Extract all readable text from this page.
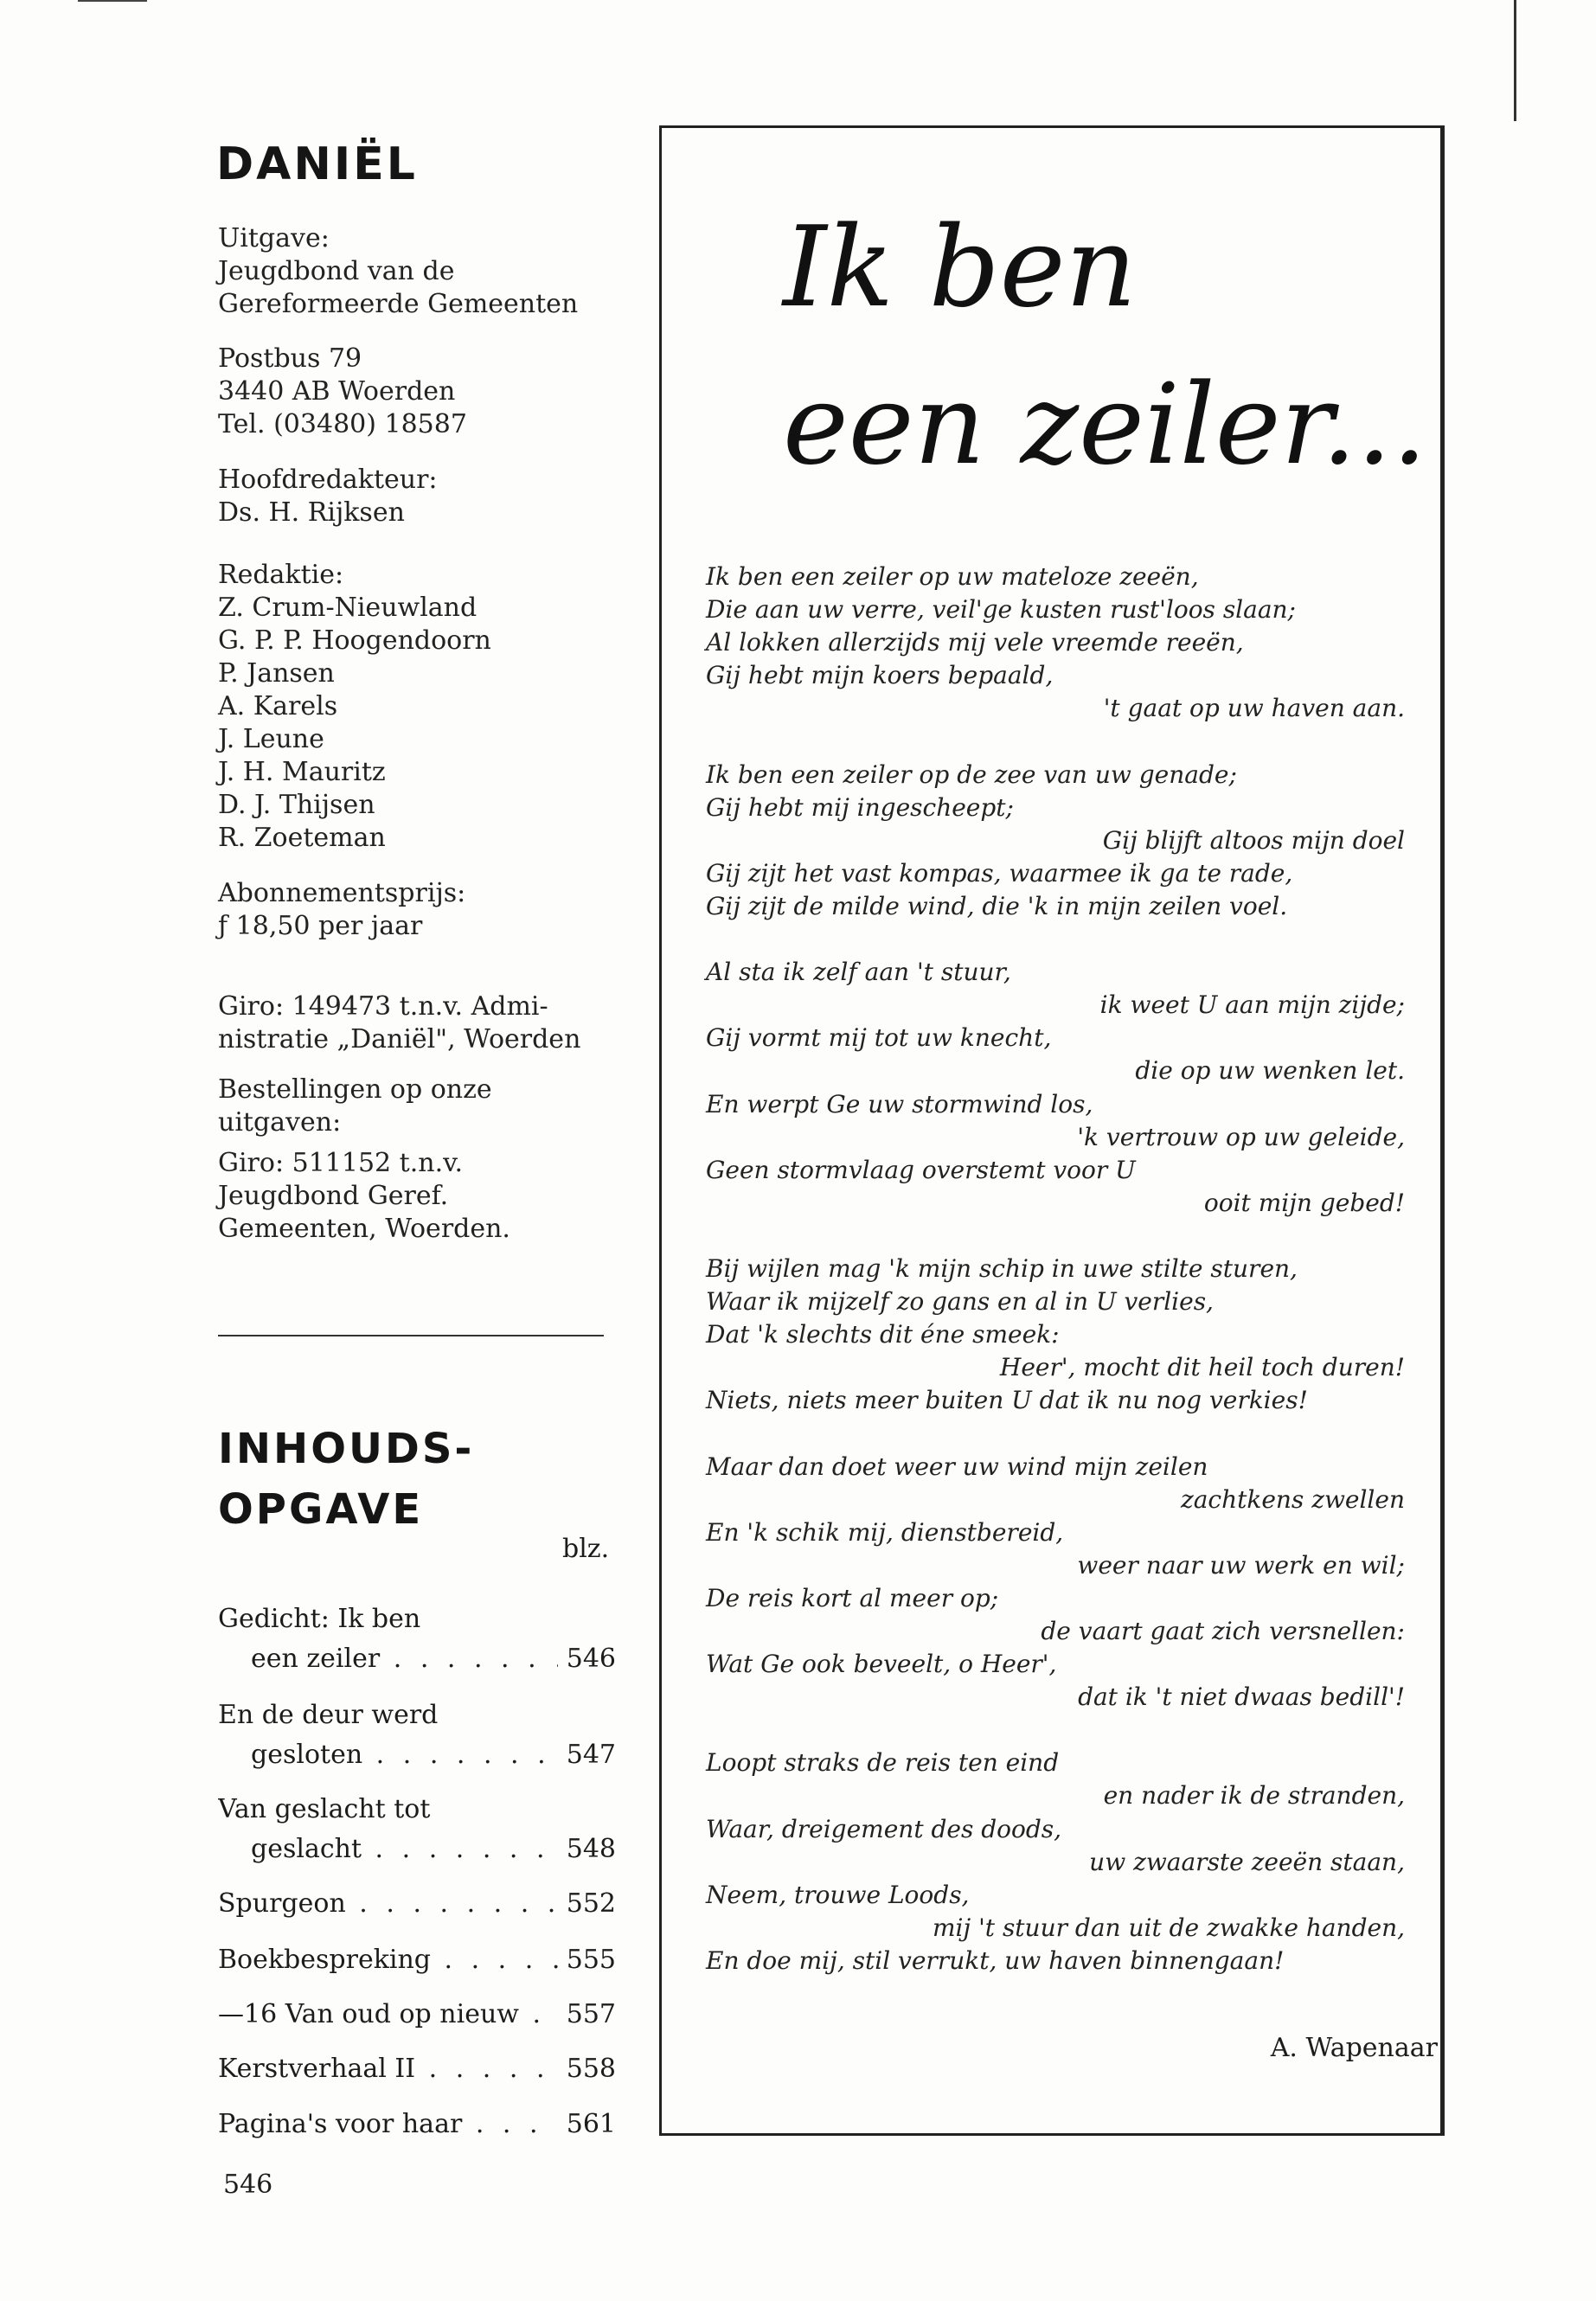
DANIËL
Uitgave:
Jeugdbond van de
Gereformeerde Gemeenten
Postbus 79
3440 AB Woerden
Tel. (03480) 18587
Hoofdredakteur:
Ds. H. Rijksen
Redaktie:
Z. Crum-Nieuwland
G. P. P. Hoogendoorn
P. Jansen
A. Karels
J. Leune
J. H. Mauritz
D. J. Thijsen
R. Zoeteman
Abonnementsprijs:
ƒ 18,50 per jaar
Giro: 149473 t.n.v. Admi-
nistratie „Daniël", Woerden
Bestellingen op onze
uitgaven:
Giro: 511152 t.n.v.
Jeugdbond Geref.
Gemeenten, Woerden.
INHOUDS-
OPGAVE
blz.
Gedicht: Ik ben
een zeiler . . .	546
En de deur werd
gesloten . . .	547
Van geslacht tot
geslacht . . .	548
Spurgeon . . .	552
Boekbespreking . . .	555
—16 Van oud op nieuw . . .	557
Kerstverhaal II . . .	558
Pagina's voor haar . . .	561
546
Ik ben
een zeiler...
Ik ben een zeiler op uw mateloze zeeën,
Die aan uw verre, veil'ge kusten rust'loos slaan;
Al lokken allerzijds mij vele vreemde reeën,
Gij hebt mijn koers bepaald,
't gaat op uw haven aan.
Ik ben een zeiler op de zee van uw genade;
Gij hebt mij ingescheept;
Gij blijft altoos mijn doel
Gij zijt het vast kompas, waarmee ik ga te rade,
Gij zijt de milde wind, die 'k in mijn zeilen voel.
Al sta ik zelf aan 't stuur,
ik weet U aan mijn zijde;
Gij vormt mij tot uw knecht,
die op uw wenken let.
En werpt Ge uw stormwind los,
'k vertrouw op uw geleide,
Geen stormvlaag overstemt voor U
ooit mijn gebed!
Bij wijlen mag 'k mijn schip in uwe stilte sturen,
Waar ik mijzelf zo gans en al in U verlies,
Dat 'k slechts dit éne smeek:
Heer', mocht dit heil toch duren!
Niets, niets meer buiten U dat ik nu nog verkies!
Maar dan doet weer uw wind mijn zeilen
zachtkens zwellen
En 'k schik mij, dienstbereid,
weer naar uw werk en wil;
De reis kort al meer op;
de vaart gaat zich versnellen:
Wat Ge ook beveelt, o Heer',
dat ik 't niet dwaas bedill'!
Loopt straks de reis ten eind
en nader ik de stranden,
Waar, dreigement des doods,
uw zwaarste zeeën staan,
Neem, trouwe Loods,
mij 't stuur dan uit de zwakke handen,
En doe mij, stil verrukt, uw haven binnengaan!
A. Wapenaar
